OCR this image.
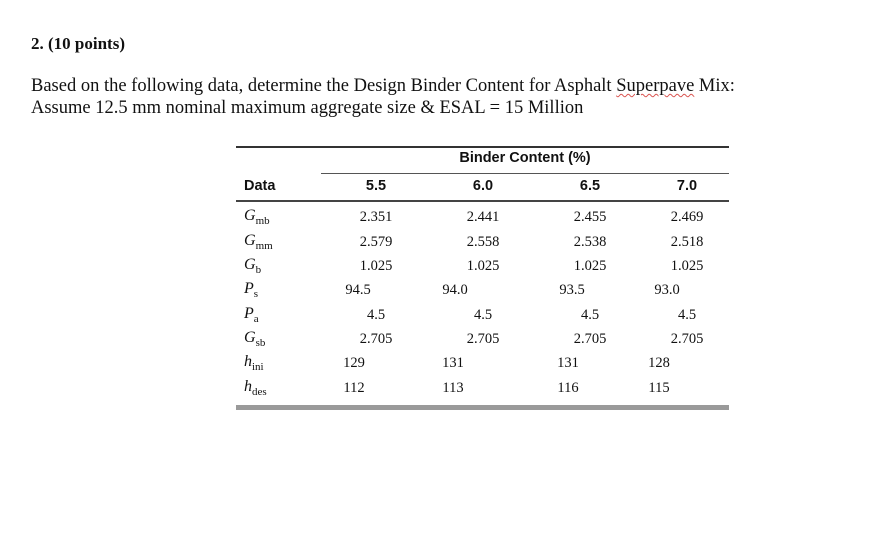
2. (10 points)
Based on the following data, determine the Design Binder Content for Asphalt Superpave Mix:
Assume 12.5 mm nominal maximum aggregate size & ESAL = 15 Million
Binder Content (%)
Data	5.5	6.0	6.5	7.0
$G_{mb}$	2.351	2.441	2.455	2.469
$G_{mm}$	2.579	2.558	2.538	2.518
$G_b$	1.025	1.025	1.025	1.025
$P_s$	94.5	94.0	93.5	93.0
$P_a$	4.5	4.5	4.5	4.5
$G_{sb}$	2.705	2.705	2.705	2.705
$h_{ini}$	129	131	131	128
$h_{des}$	112	113	116	115
